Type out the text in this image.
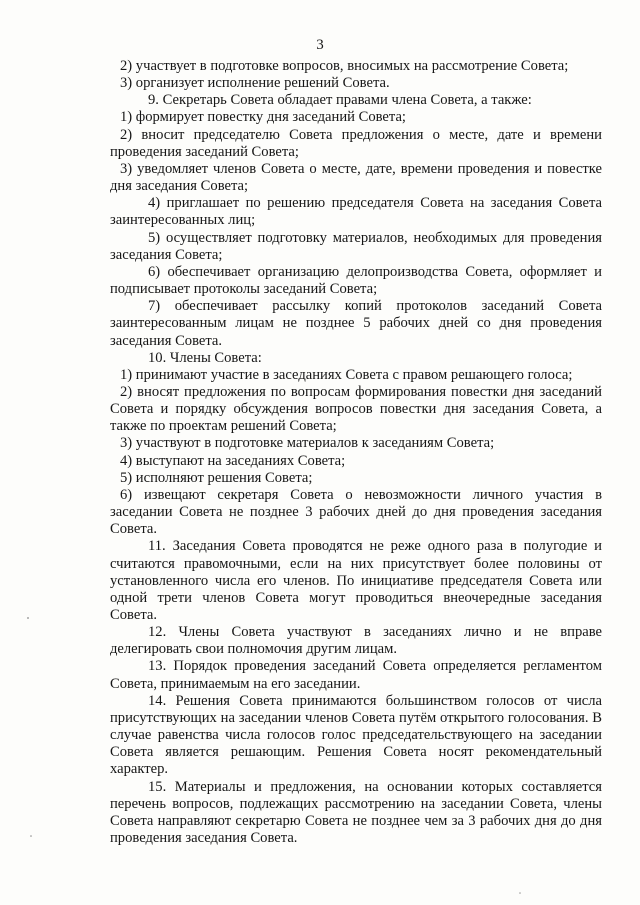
3

2) участвует в подготовке вопросов, вносимых на рассмотрение Совета;

3) организует исполнение решений Совета.

9. Секретарь Совета обладает правами члена Совета, а также:

1) формирует повестку дня заседаний Совета;

2) вносит председателю Совета предложения о месте, дате и времени проведения заседаний Совета;

3) уведомляет членов Совета о месте, дате, времени проведения и повестке дня заседания Совета;

4) приглашает по решению председателя Совета на заседания Совета заинтересованных лиц;

5) осуществляет подготовку материалов, необходимых для проведения заседания Совета;

6) обеспечивает организацию делопроизводства Совета, оформляет и подписывает протоколы заседаний Совета;

7) обеспечивает рассылку копий протоколов заседаний Совета заинтересованным лицам не позднее 5 рабочих дней со дня проведения заседания Совета.

10. Члены Совета:

1) принимают участие в заседаниях Совета с правом решающего голоса;

2) вносят предложения по вопросам формирования повестки дня заседаний Совета и порядку обсуждения вопросов повестки дня заседания Совета, а также по проектам решений Совета;

3) участвуют в подготовке материалов к заседаниям Совета;

4) выступают на заседаниях Совета;

5) исполняют решения Совета;

6) извещают секретаря Совета о невозможности личного участия в заседании Совета не позднее 3 рабочих дней до дня проведения заседания Совета.

11. Заседания Совета проводятся не реже одного раза в полугодие и считаются правомочными, если на них присутствует более половины от установленного числа его членов. По инициативе председателя Совета или одной трети членов Совета могут проводиться внеочередные заседания Совета.

12. Члены Совета участвуют в заседаниях лично и не вправе делегировать свои полномочия другим лицам.

13. Порядок проведения заседаний Совета определяется регламентом Совета, принимаемым на его заседании.

14. Решения Совета принимаются большинством голосов от числа присутствующих на заседании членов Совета путём открытого голосования. В случае равенства числа голосов голос председательствующего на заседании Совета является решающим. Решения Совета носят рекомендательный характер.

15. Материалы и предложения, на основании которых составляется перечень вопросов, подлежащих рассмотрению на заседании Совета, члены Совета направляют секретарю Совета не позднее чем за 3 рабочих дня до дня проведения заседания Совета.
